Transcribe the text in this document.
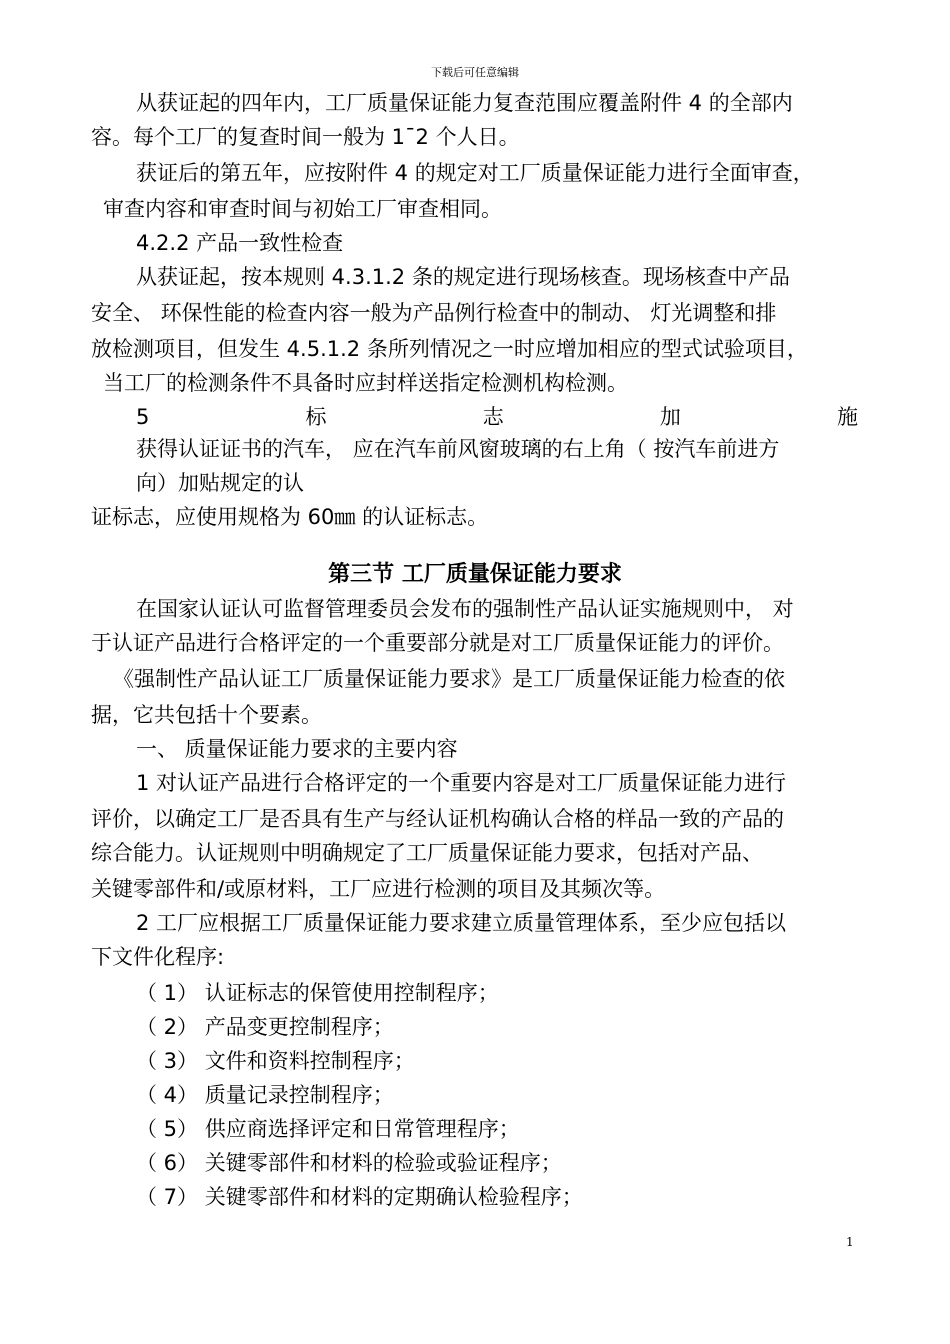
下载后可任意编辑
从获证起的四年内，工厂质量保证能力复查范围应覆盖附件 4 的全部内
容。每个工厂的复查时间一般为 1¯2 个人日。
获证后的第五年，应按附件 4 的规定对工厂质量保证能力进行全面审查，
审查内容和审查时间与初始工厂审查相同。
4.2.2 产品一致性检查
从获证起，按本规则 4.3.1.2 条的规定进行现场核查。现场核查中产品
安全、 环保性能的检查内容一般为产品例行检查中的制动、 灯光调整和排
放检测项目，但发生 4.5.1.2 条所列情况之一时应增加相应的型式试验项目，
当工厂的检测条件不具备时应封样送指定检测机构检测。
5	标	志	加	施
获得认证证书的汽车， 应在汽车前风窗玻璃的右上角（ 按汽车前进方
向）加贴规定的认
证标志，应使用规格为 60㎜ 的认证标志。
第三节 工厂质量保证能力要求
在国家认证认可监督管理委员会发布的强制性产品认证实施规则中， 对
于认证产品进行合格评定的一个重要部分就是对工厂质量保证能力的评价。
《强制性产品认证工厂质量保证能力要求》是工厂质量保证能力检查的依
据，它共包括十个要素。
一、 质量保证能力要求的主要内容
1 对认证产品进行合格评定的一个重要内容是对工厂质量保证能力进行
评价，以确定工厂是否具有生产与经认证机构确认合格的样品一致的产品的
综合能力。认证规则中明确规定了工厂质量保证能力要求，包括对产品、
关键零部件和/或原材料，工厂应进行检测的项目及其频次等。
2 工厂应根据工厂质量保证能力要求建立质量管理体系，至少应包括以
下文件化程序:
（ 1） 认证标志的保管使用控制程序；
（ 2） 产品变更控制程序；
（ 3） 文件和资料控制程序；
（ 4） 质量记录控制程序；
（ 5） 供应商选择评定和日常管理程序；
（ 6） 关键零部件和材料的检验或验证程序；
（ 7） 关键零部件和材料的定期确认检验程序；
1
